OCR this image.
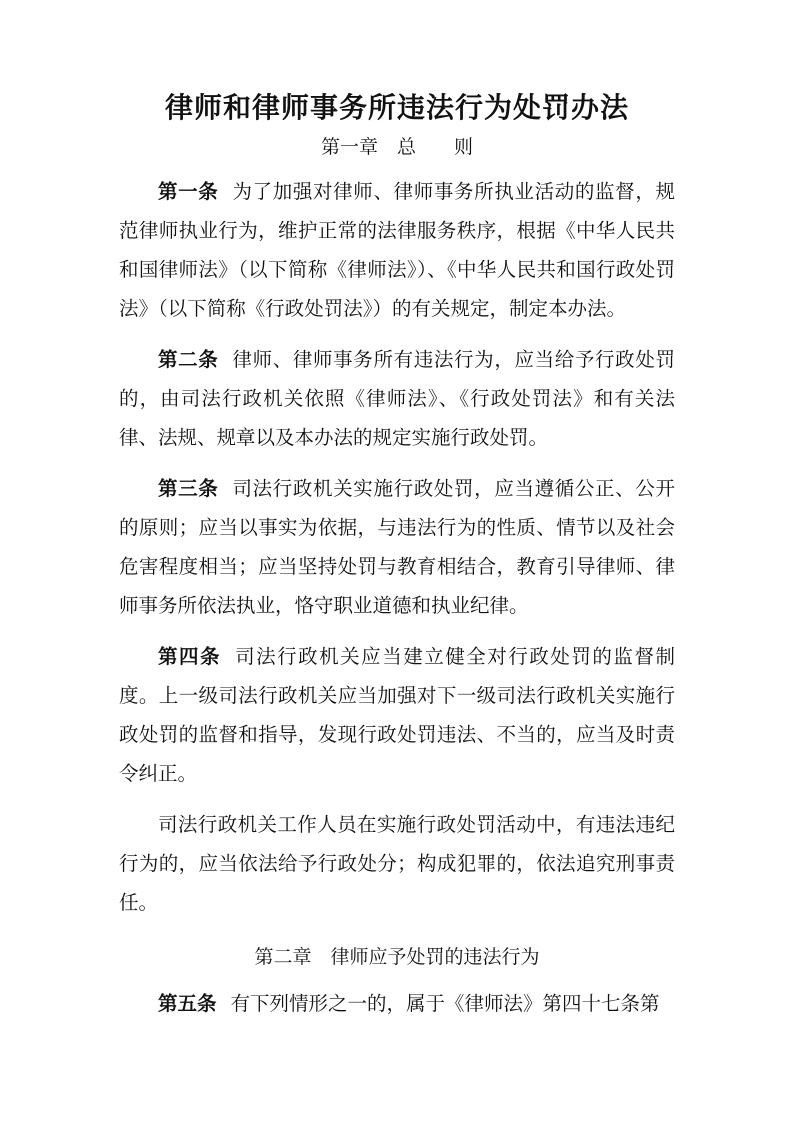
律师和律师事务所违法行为处罚办法
第一章　总　　则

第一条 为了加强对律师、律师事务所执业活动的监督，规范律师执业行为，维护正常的法律服务秩序，根据《中华人民共和国律师法》（以下简称《律师法》）、《中华人民共和国行政处罚法》（以下简称《行政处罚法》）的有关规定，制定本办法。

第二条 律师、律师事务所有违法行为，应当给予行政处罚的，由司法行政机关依照《律师法》、《行政处罚法》和有关法律、法规、规章以及本办法的规定实施行政处罚。

第三条 司法行政机关实施行政处罚，应当遵循公正、公开的原则；应当以事实为依据，与违法行为的性质、情节以及社会危害程度相当；应当坚持处罚与教育相结合，教育引导律师、律师事务所依法执业，恪守职业道德和执业纪律。

第四条 司法行政机关应当建立健全对行政处罚的监督制度。上一级司法行政机关应当加强对下一级司法行政机关实施行政处罚的监督和指导，发现行政处罚违法、不当的，应当及时责令纠正。

司法行政机关工作人员在实施行政处罚活动中，有违法违纪行为的，应当依法给予行政处分；构成犯罪的，依法追究刑事责任。

第二章　律师应予处罚的违法行为

第五条 有下列情形之一的，属于《律师法》第四十七条第
